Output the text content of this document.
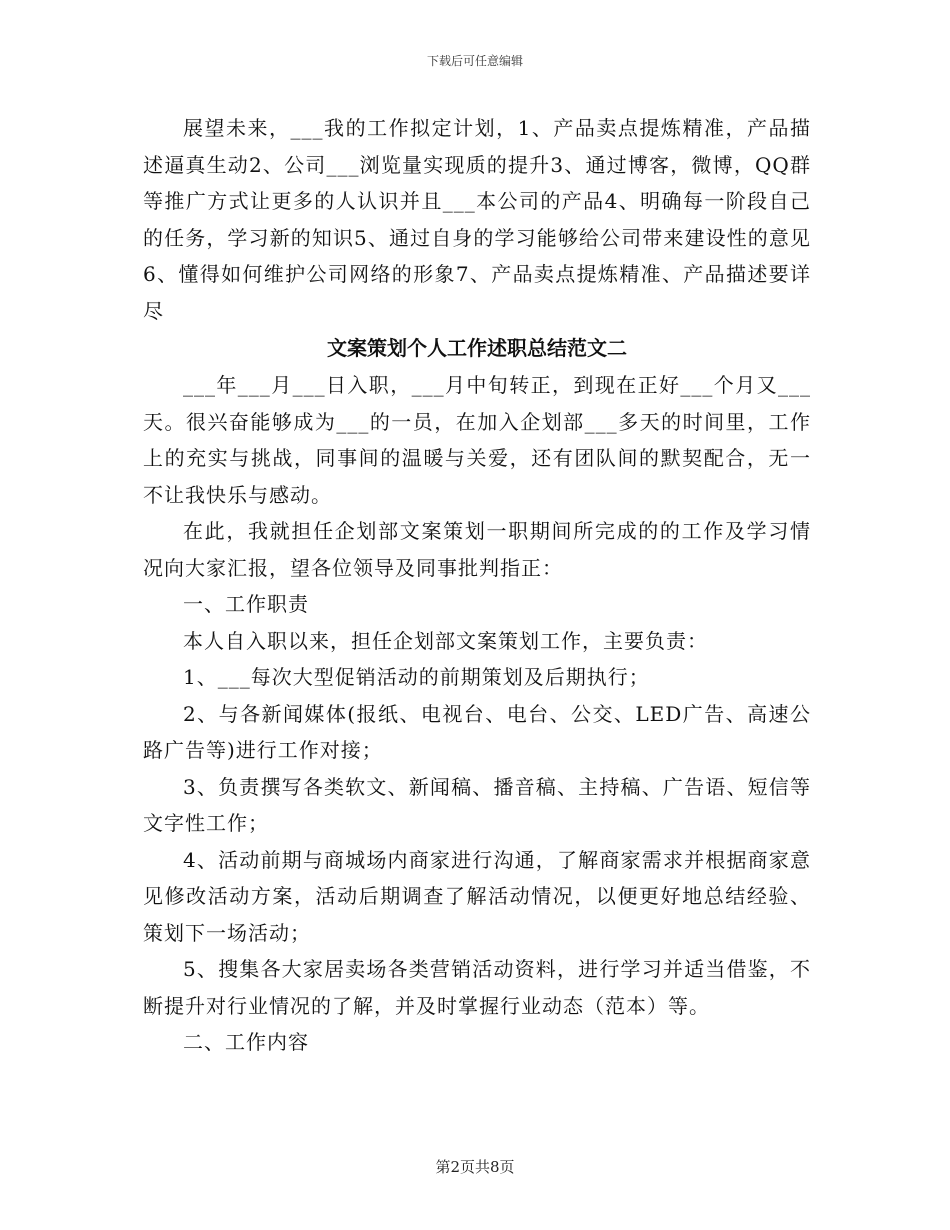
下载后可任意编辑

展望未来，___我的工作拟定计划，1、产品卖点提炼精准，产品描述逼真生动2、公司___浏览量实现质的提升3、通过博客，微博，QQ群等推广方式让更多的人认识并且___本公司的产品4、明确每一阶段自己的任务，学习新的知识5、通过自身的学习能够给公司带来建设性的意见6、懂得如何维护公司网络的形象7、产品卖点提炼精准、产品描述要详尽

文案策划个人工作述职总结范文二

___年___月___日入职，___月中旬转正，到现在正好___个月又___天。很兴奋能够成为___的一员，在加入企划部___多天的时间里，工作上的充实与挑战，同事间的温暖与关爱，还有团队间的默契配合，无一不让我快乐与感动。

在此，我就担任企划部文案策划一职期间所完成的的工作及学习情况向大家汇报，望各位领导及同事批判指正：

一、工作职责

本人自入职以来，担任企划部文案策划工作，主要负责：

1、___每次大型促销活动的前期策划及后期执行；

2、与各新闻媒体(报纸、电视台、电台、公交、LED广告、高速公路广告等)进行工作对接；

3、负责撰写各类软文、新闻稿、播音稿、主持稿、广告语、短信等文字性工作；

4、活动前期与商城场内商家进行沟通，了解商家需求并根据商家意见修改活动方案，活动后期调查了解活动情况，以便更好地总结经验、策划下一场活动；

5、搜集各大家居卖场各类营销活动资料，进行学习并适当借鉴，不断提升对行业情况的了解，并及时掌握行业动态（范本）等。

二、工作内容

第2页共8页
